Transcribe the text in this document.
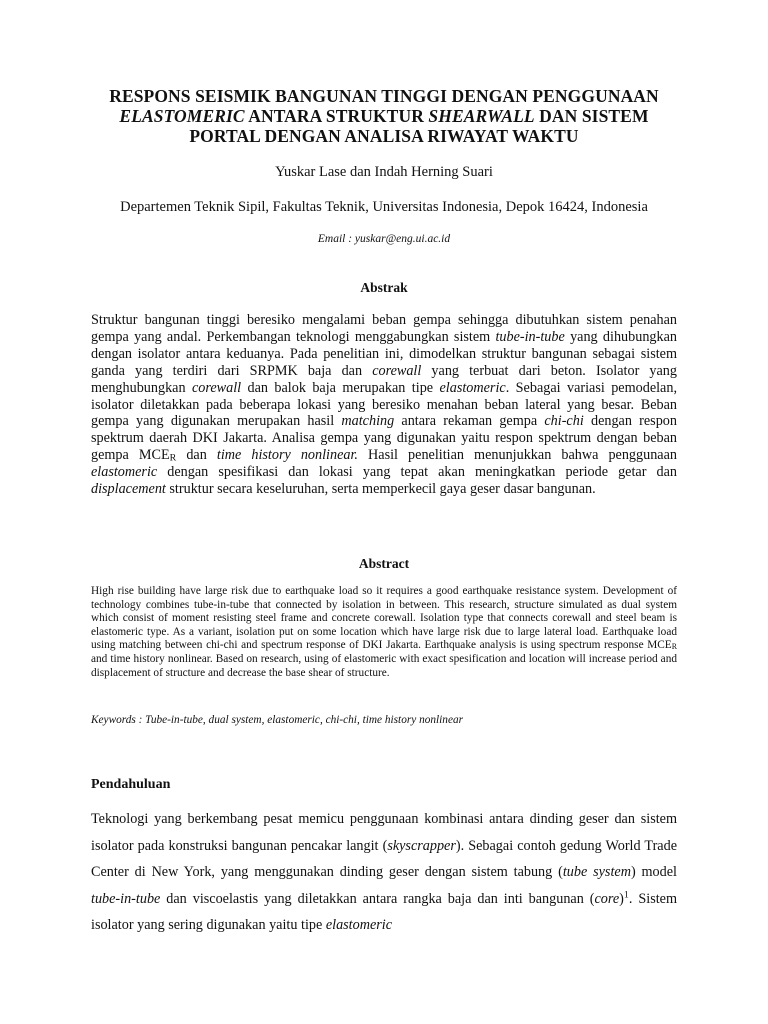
RESPONS SEISMIK BANGUNAN TINGGI DENGAN PENGGUNAAN
ELASTOMERIC ANTARA STRUKTUR SHEARWALL DAN SISTEM
PORTAL DENGAN ANALISA RIWAYAT WAKTU
Yuskar Lase dan Indah Herning Suari
Departemen Teknik Sipil, Fakultas Teknik, Universitas Indonesia, Depok 16424, Indonesia
Email : yuskar@eng.ui.ac.id
Abstrak

Struktur bangunan tinggi beresiko mengalami beban gempa sehingga dibutuhkan sistem penahan gempa yang andal. Perkembangan teknologi menggabungkan sistem tube-in-tube yang dihubungkan dengan isolator antara keduanya. Pada penelitian ini, dimodelkan struktur bangunan sebagai sistem ganda yang terdiri dari SRPMK baja dan corewall yang terbuat dari beton. Isolator yang menghubungkan corewall dan balok baja merupakan tipe elastomeric. Sebagai variasi pemodelan, isolator diletakkan pada beberapa lokasi yang beresiko menahan beban lateral yang besar. Beban gempa yang digunakan merupakan hasil matching antara rekaman gempa chi-chi dengan respon spektrum daerah DKI Jakarta. Analisa gempa yang digunakan yaitu respon spektrum dengan beban gempa $MCE_R$ dan time history nonlinear. Hasil penelitian menunjukkan bahwa penggunaan elastomeric dengan spesifikasi dan lokasi yang tepat akan meningkatkan periode getar dan displacement struktur secara keseluruhan, serta memperkecil gaya geser dasar bangunan.

Abstract

High rise building have large risk due to earthquake load so it requires a good earthquake resistance system. Development of technology combines tube-in-tube that connected by isolation in between. This research, structure simulated as dual system which consist of moment resisting steel frame and concrete corewall. Isolation type that connects corewall and steel beam is elastomeric type. As a variant, isolation put on some location which have large risk due to large lateral load. Earthquake load using matching between chi-chi and spectrum response of DKI Jakarta. Earthquake analysis is using spectrum response $MCE_R$ and time history nonlinear. Based on research, using of elastomeric with exact spesification and location will increase period and displacement of structure and decrease the base shear of structure.

Keywords : Tube-in-tube, dual system, elastomeric, chi-chi, time history nonlinear
Pendahuluan

Teknologi yang berkembang pesat memicu penggunaan kombinasi antara dinding geser dan sistem isolator pada konstruksi bangunan pencakar langit (skyscrapper). Sebagai contoh gedung World Trade Center di New York, yang menggunakan dinding geser dengan sistem tabung (tube system) model tube-in-tube dan viscoelastis yang diletakkan antara rangka baja dan inti bangunan (core)$^1$. Sistem isolator yang sering digunakan yaitu tipe elastomeric
